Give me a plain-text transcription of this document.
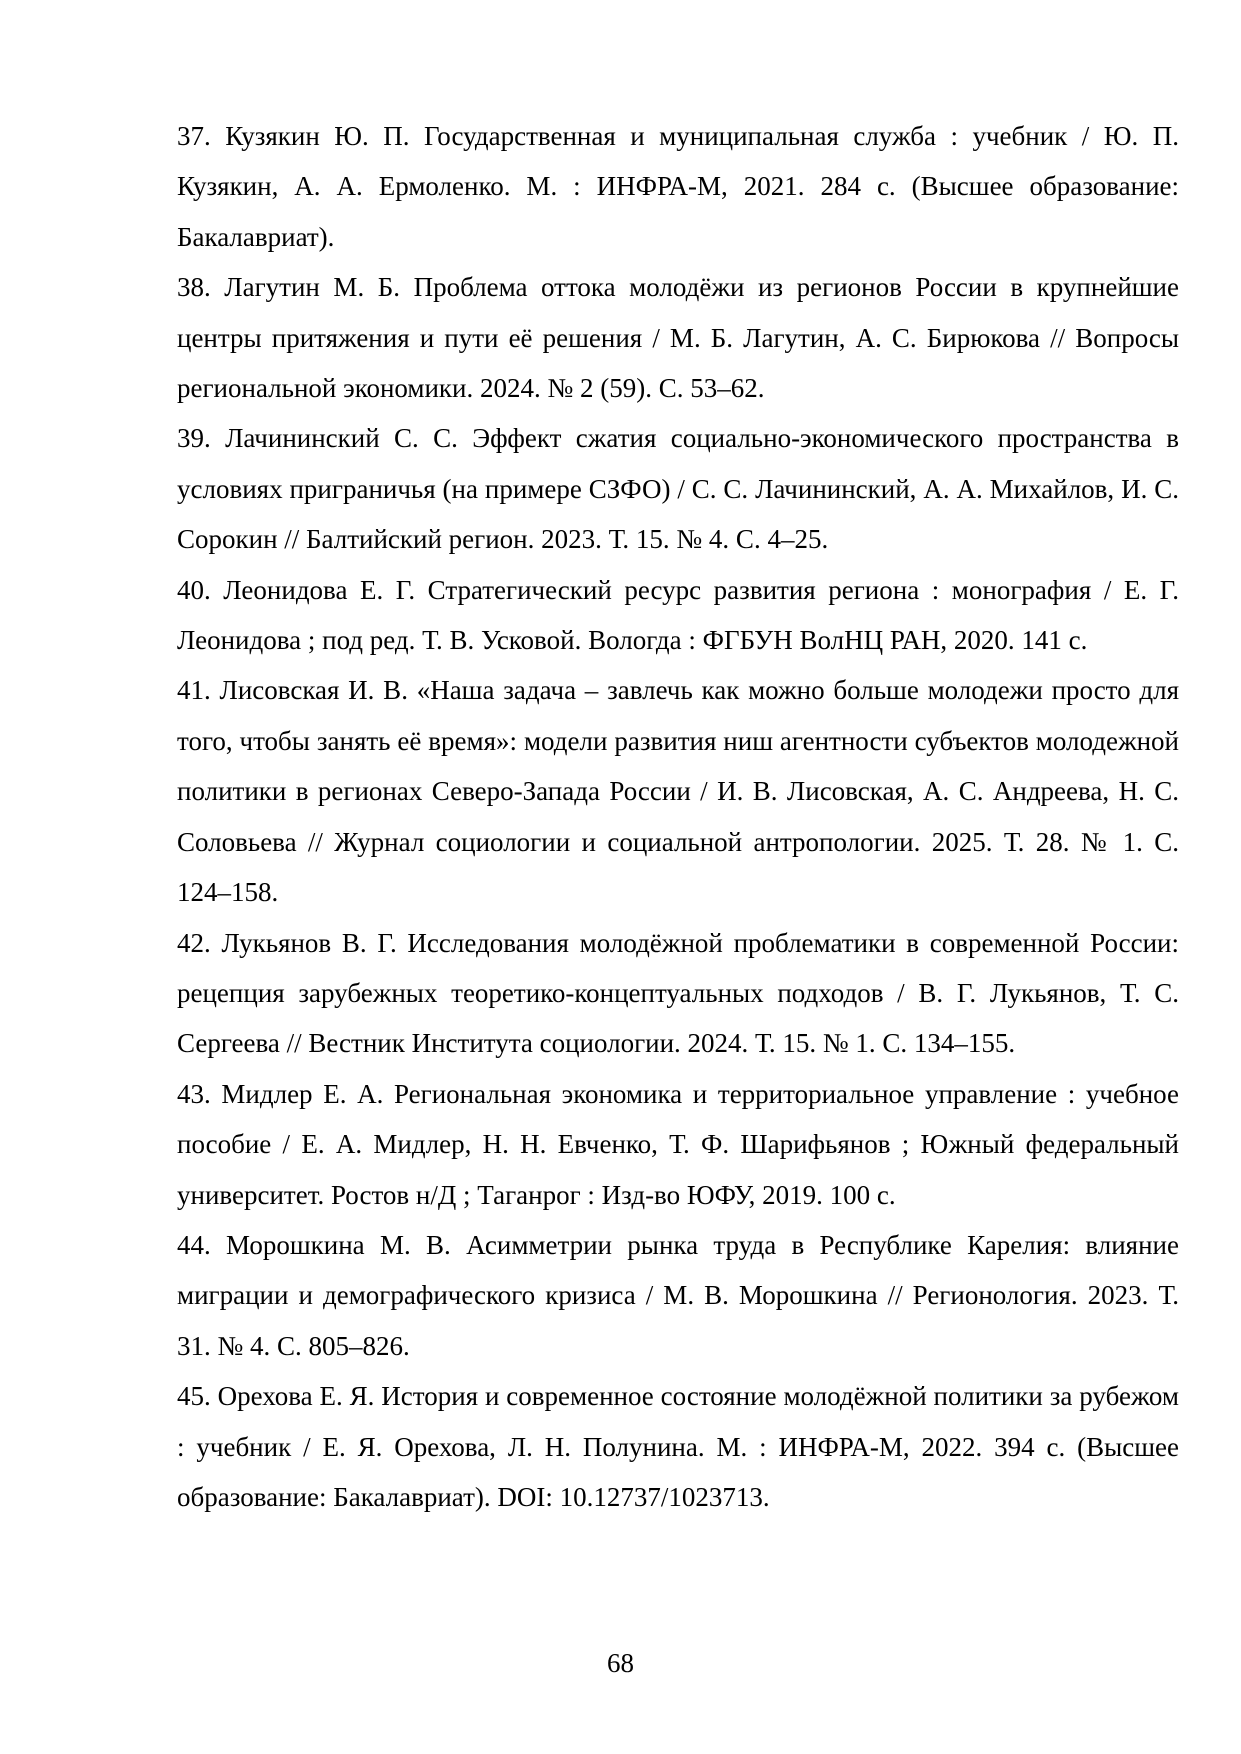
37. Кузякин Ю. П. Государственная и муниципальная служба : учебник / Ю. П. Кузякин, А. А. Ермоленко. М. : ИНФРА-М, 2021. 284 с. (Высшее образование: Бакалавриат).
38. Лагутин М. Б. Проблема оттока молодёжи из регионов России в крупнейшие центры притяжения и пути её решения / М. Б. Лагутин, А. С. Бирюкова // Вопросы региональной экономики. 2024. № 2 (59). С. 53–62.
39. Лачининский С. С. Эффект сжатия социально-экономического пространства в условиях приграничья (на примере СЗФО) / С. С. Лачининский, А. А. Михайлов, И. С. Сорокин // Балтийский регион. 2023. Т. 15. № 4. С. 4–25.
40. Леонидова Е. Г. Стратегический ресурс развития региона : монография / Е. Г. Леонидова ; под ред. Т. В. Усковой. Вологда : ФГБУН ВолНЦ РАН, 2020. 141 с.
41. Лисовская И. В. «Наша задача – завлечь как можно больше молодежи просто для того, чтобы занять её время»: модели развития ниш агентности субъектов молодежной политики в регионах Северо-Запада России / И. В. Лисовская, А. С. Андреева, Н. С. Соловьева // Журнал социологии и социальной антропологии. 2025. Т. 28. № 1. С. 124–158.
42. Лукьянов В. Г. Исследования молодёжной проблематики в современной России: рецепция зарубежных теоретико-концептуальных подходов / В. Г. Лукьянов, Т. С. Сергеева // Вестник Института социологии. 2024. Т. 15. № 1. С. 134–155.
43. Мидлер Е. А. Региональная экономика и территориальное управление : учебное пособие / Е. А. Мидлер, Н. Н. Евченко, Т. Ф. Шарифьянов ; Южный федеральный университет. Ростов н/Д ; Таганрог : Изд-во ЮФУ, 2019. 100 с.
44. Морошкина М. В. Асимметрии рынка труда в Республике Карелия: влияние миграции и демографического кризиса / М. В. Морошкина // Регионология. 2023. Т. 31. № 4. С. 805–826.
45. Орехова Е. Я. История и современное состояние молодёжной политики за рубежом : учебник / Е. Я. Орехова, Л. Н. Полунина. М. : ИНФРА-М, 2022. 394 с. (Высшее образование: Бакалавриат). DOI: 10.12737/1023713.
68
